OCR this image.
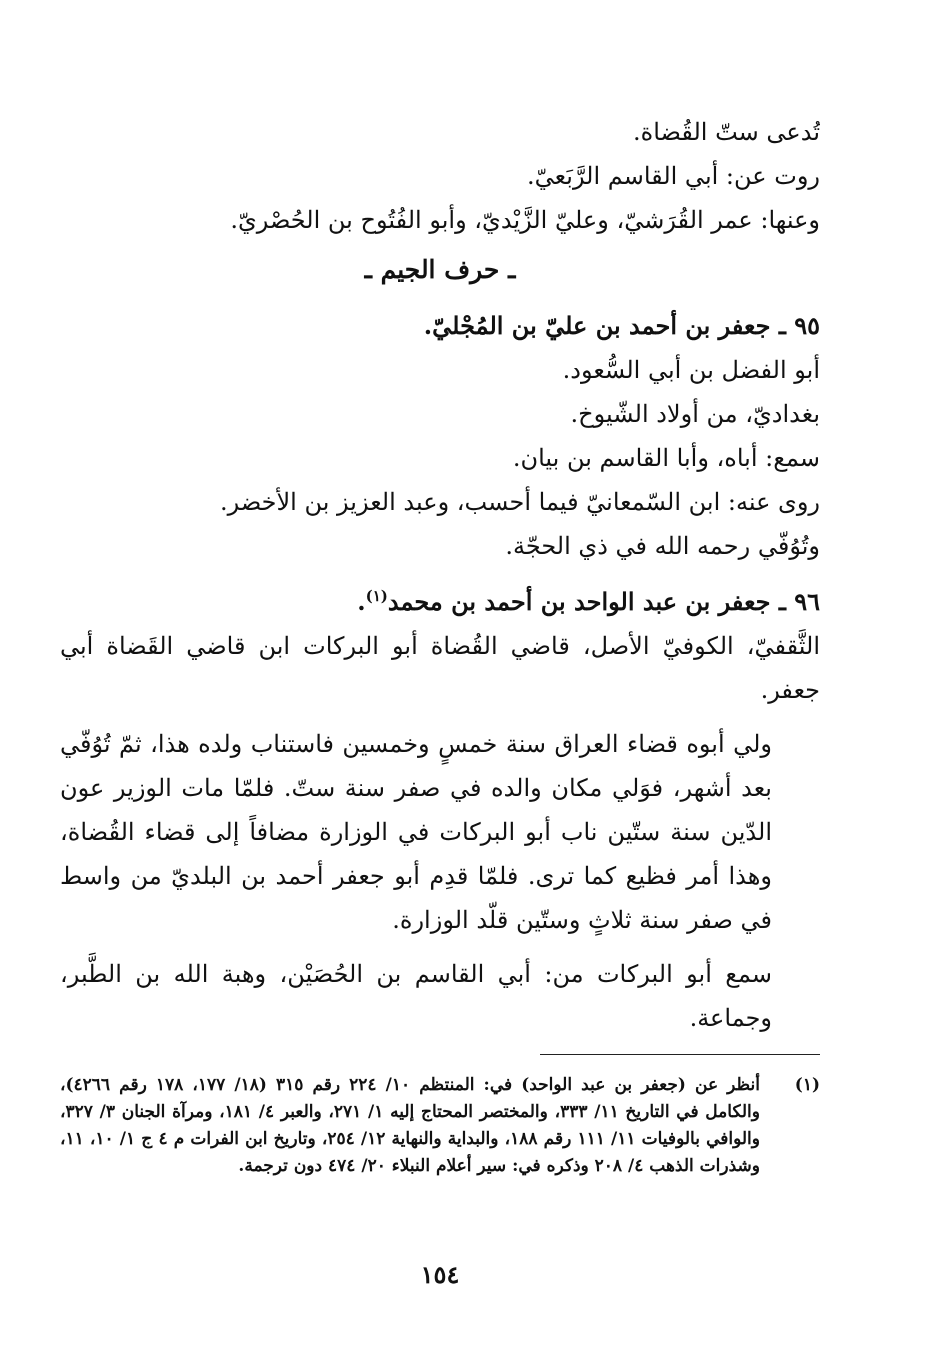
تُدعى ستّ القُضاة.
روت عن: أبي القاسم الرَّبَعيّ.
وعنها: عمر القُرَشيّ، وعليّ الزَّيْديّ، وأبو الفُتُوح بن الحُصْريّ.
ـ حرف الجيم ـ
٩٥ ـ جعفر بن أحمد بن عليّ بن المُجْليّ.
أبو الفضل بن أبي السُّعود.
بغداديّ، من أولاد الشّيوخ.
سمع: أباه، وأبا القاسم بن بيان.
روى عنه: ابن السّمعانيّ فيما أحسب، وعبد العزيز بن الأخضر.
وتُوُفّي رحمه الله في ذي الحجّة.
٩٦ ـ جعفر بن عبد الواحد بن أحمد بن محمد$^{(١)}$.
الثَّقفيّ، الكوفيّ الأصل، قاضي القُضاة أبو البركات ابن قاضي القَضاة أبي جعفر.
ولي أبوه قضاء العراق سنة خمسٍ وخمسين فاستناب ولده هذا، ثمّ تُوُفّي بعد أشهر، فوَلي مكان والده في صفر سنة ستّ. فلمّا مات الوزير عون الدّين سنة ستّين ناب أبو البركات في الوزارة مضافاً إلى قضاء القُضاة، وهذا أمر فظيع كما ترى. فلمّا قدِم أبو جعفر أحمد بن البلديّ من واسط في صفر سنة ثلاثٍ وستّين قلّد الوزارة.
سمع أبو البركات من: أبي القاسم بن الحُصَيْن، وهبة الله بن الطَّبر، وجماعة.
(١)
أنظر عن (جعفر بن عبد الواحد) في: المنتظم ١٠/ ٢٢٤ رقم ٣١٥ (١٨/ ١٧٧، ١٧٨ رقم ٤٢٦٦)، والكامل في التاريخ ١١/ ٣٣٣، والمختصر المحتاج إليه ١/ ٢٧١، والعبر ٤/ ١٨١، ومرآة الجنان ٣/ ٣٢٧، والوافي بالوفيات ١١/ ١١١ رقم ١٨٨، والبداية والنهاية ١٢/ ٢٥٤، وتاريخ ابن الفرات م ٤ ج ١/ ١٠، ١١، وشذرات الذهب ٤/ ٢٠٨ وذكره في: سير أعلام النبلاء ٢٠/ ٤٧٤ دون ترجمة.
١٥٤
